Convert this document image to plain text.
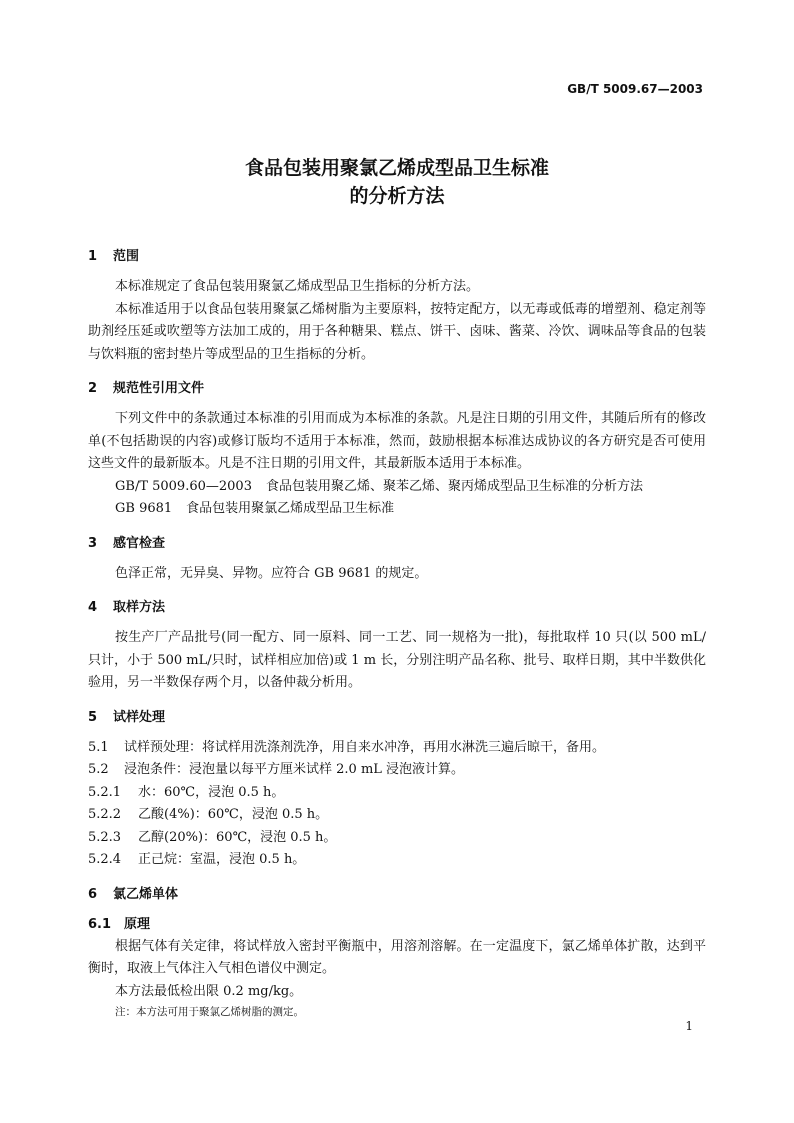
GB/T 5009.67—2003
食品包装用聚氯乙烯成型品卫生标准
的分析方法
1	范围

本标准规定了食品包装用聚氯乙烯成型品卫生指标的分析方法。

本标准适用于以食品包装用聚氯乙烯树脂为主要原料，按特定配方，以无毒或低毒的增塑剂、稳定剂等助剂经压延或吹塑等方法加工成的，用于各种糖果、糕点、饼干、卤味、酱菜、冷饮、调味品等食品的包装与饮料瓶的密封垫片等成型品的卫生指标的分析。

2	规范性引用文件

下列文件中的条款通过本标准的引用而成为本标准的条款。凡是注日期的引用文件，其随后所有的修改单(不包括勘误的内容)或修订版均不适用于本标准，然而，鼓励根据本标准达成协议的各方研究是否可使用这些文件的最新版本。凡是不注日期的引用文件，其最新版本适用于本标准。

GB/T 5009.60—2003 食品包装用聚乙烯、聚苯乙烯、聚丙烯成型品卫生标准的分析方法

GB 9681 食品包装用聚氯乙烯成型品卫生标准

3	感官检查

色泽正常，无异臭、异物。应符合 GB 9681 的规定。

4	取样方法

按生产厂产品批号(同一配方、同一原料、同一工艺、同一规格为一批)，每批取样 10 只(以 500 mL/只计，小于 500 mL/只时，试样相应加倍)或 1 m 长，分别注明产品名称、批号、取样日期，其中半数供化验用，另一半数保存两个月，以备仲裁分析用。

5	试样处理
5.1	试样预处理：将试样用洗涤剂洗净，用自来水冲净，再用水淋洗三遍后晾干，备用。
5.2	浸泡条件：浸泡量以每平方厘米试样 2.0 mL 浸泡液计算。
5.2.1	水：60℃，浸泡 0.5 h。
5.2.2	乙酸(4%)：60℃，浸泡 0.5 h。
5.2.3	乙醇(20%)：60℃，浸泡 0.5 h。
5.2.4	正己烷：室温，浸泡 0.5 h。
6	氯乙烯单体
6.1 原理

根据气体有关定律，将试样放入密封平衡瓶中，用溶剂溶解。在一定温度下，氯乙烯单体扩散，达到平衡时，取液上气体注入气相色谱仪中测定。

本方法最低检出限 0.2 mg/kg。

注：本方法可用于聚氯乙烯树脂的测定。

1
